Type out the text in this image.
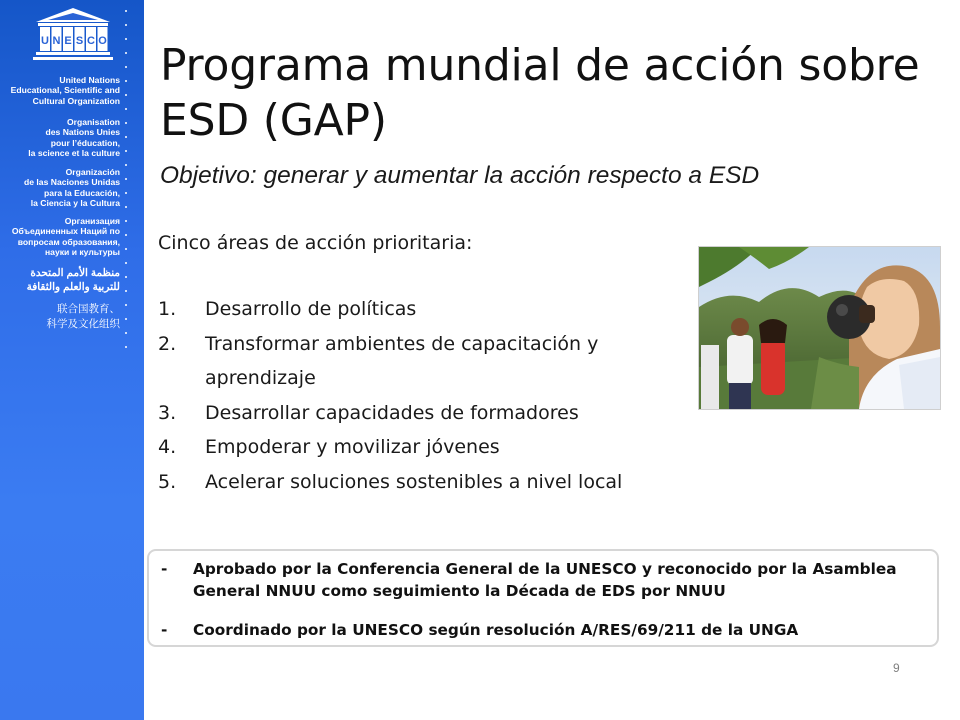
U N E S C O
United Nations
Educational, Scientific and
Cultural Organization
Organisation
des Nations Unies
pour l’éducation,
la science et la culture
Organización
de las Naciones Unidas
para la Educación,
la Ciencia y la Cultura
Организация
Объединенных Наций по
вопросам образования,
науки и культуры
منظمة الأمم المتحدة
للتربية والعلم والثقافة
联合国教育、
科学及文化组织
Programa mundial de acción sobre
ESD (GAP)
Objetivo: generar y aumentar la acción respecto a ESD
Cinco áreas de acción prioritaria:
1. Desarrollo de políticas
2. Transformar ambientes de capacitación y aprendizaje
3. Desarrollar capacidades de formadores
4. Empoderar y movilizar jóvenes
5. Acelerar soluciones sostenibles a nivel local
-	Aprobado por la Conferencia General de la UNESCO y reconocido por la Asamblea General NNUU como seguimiento la Década de EDS por NNUU
-	Coordinado por la UNESCO según resolución A/RES/69/211 de la UNGA
9
